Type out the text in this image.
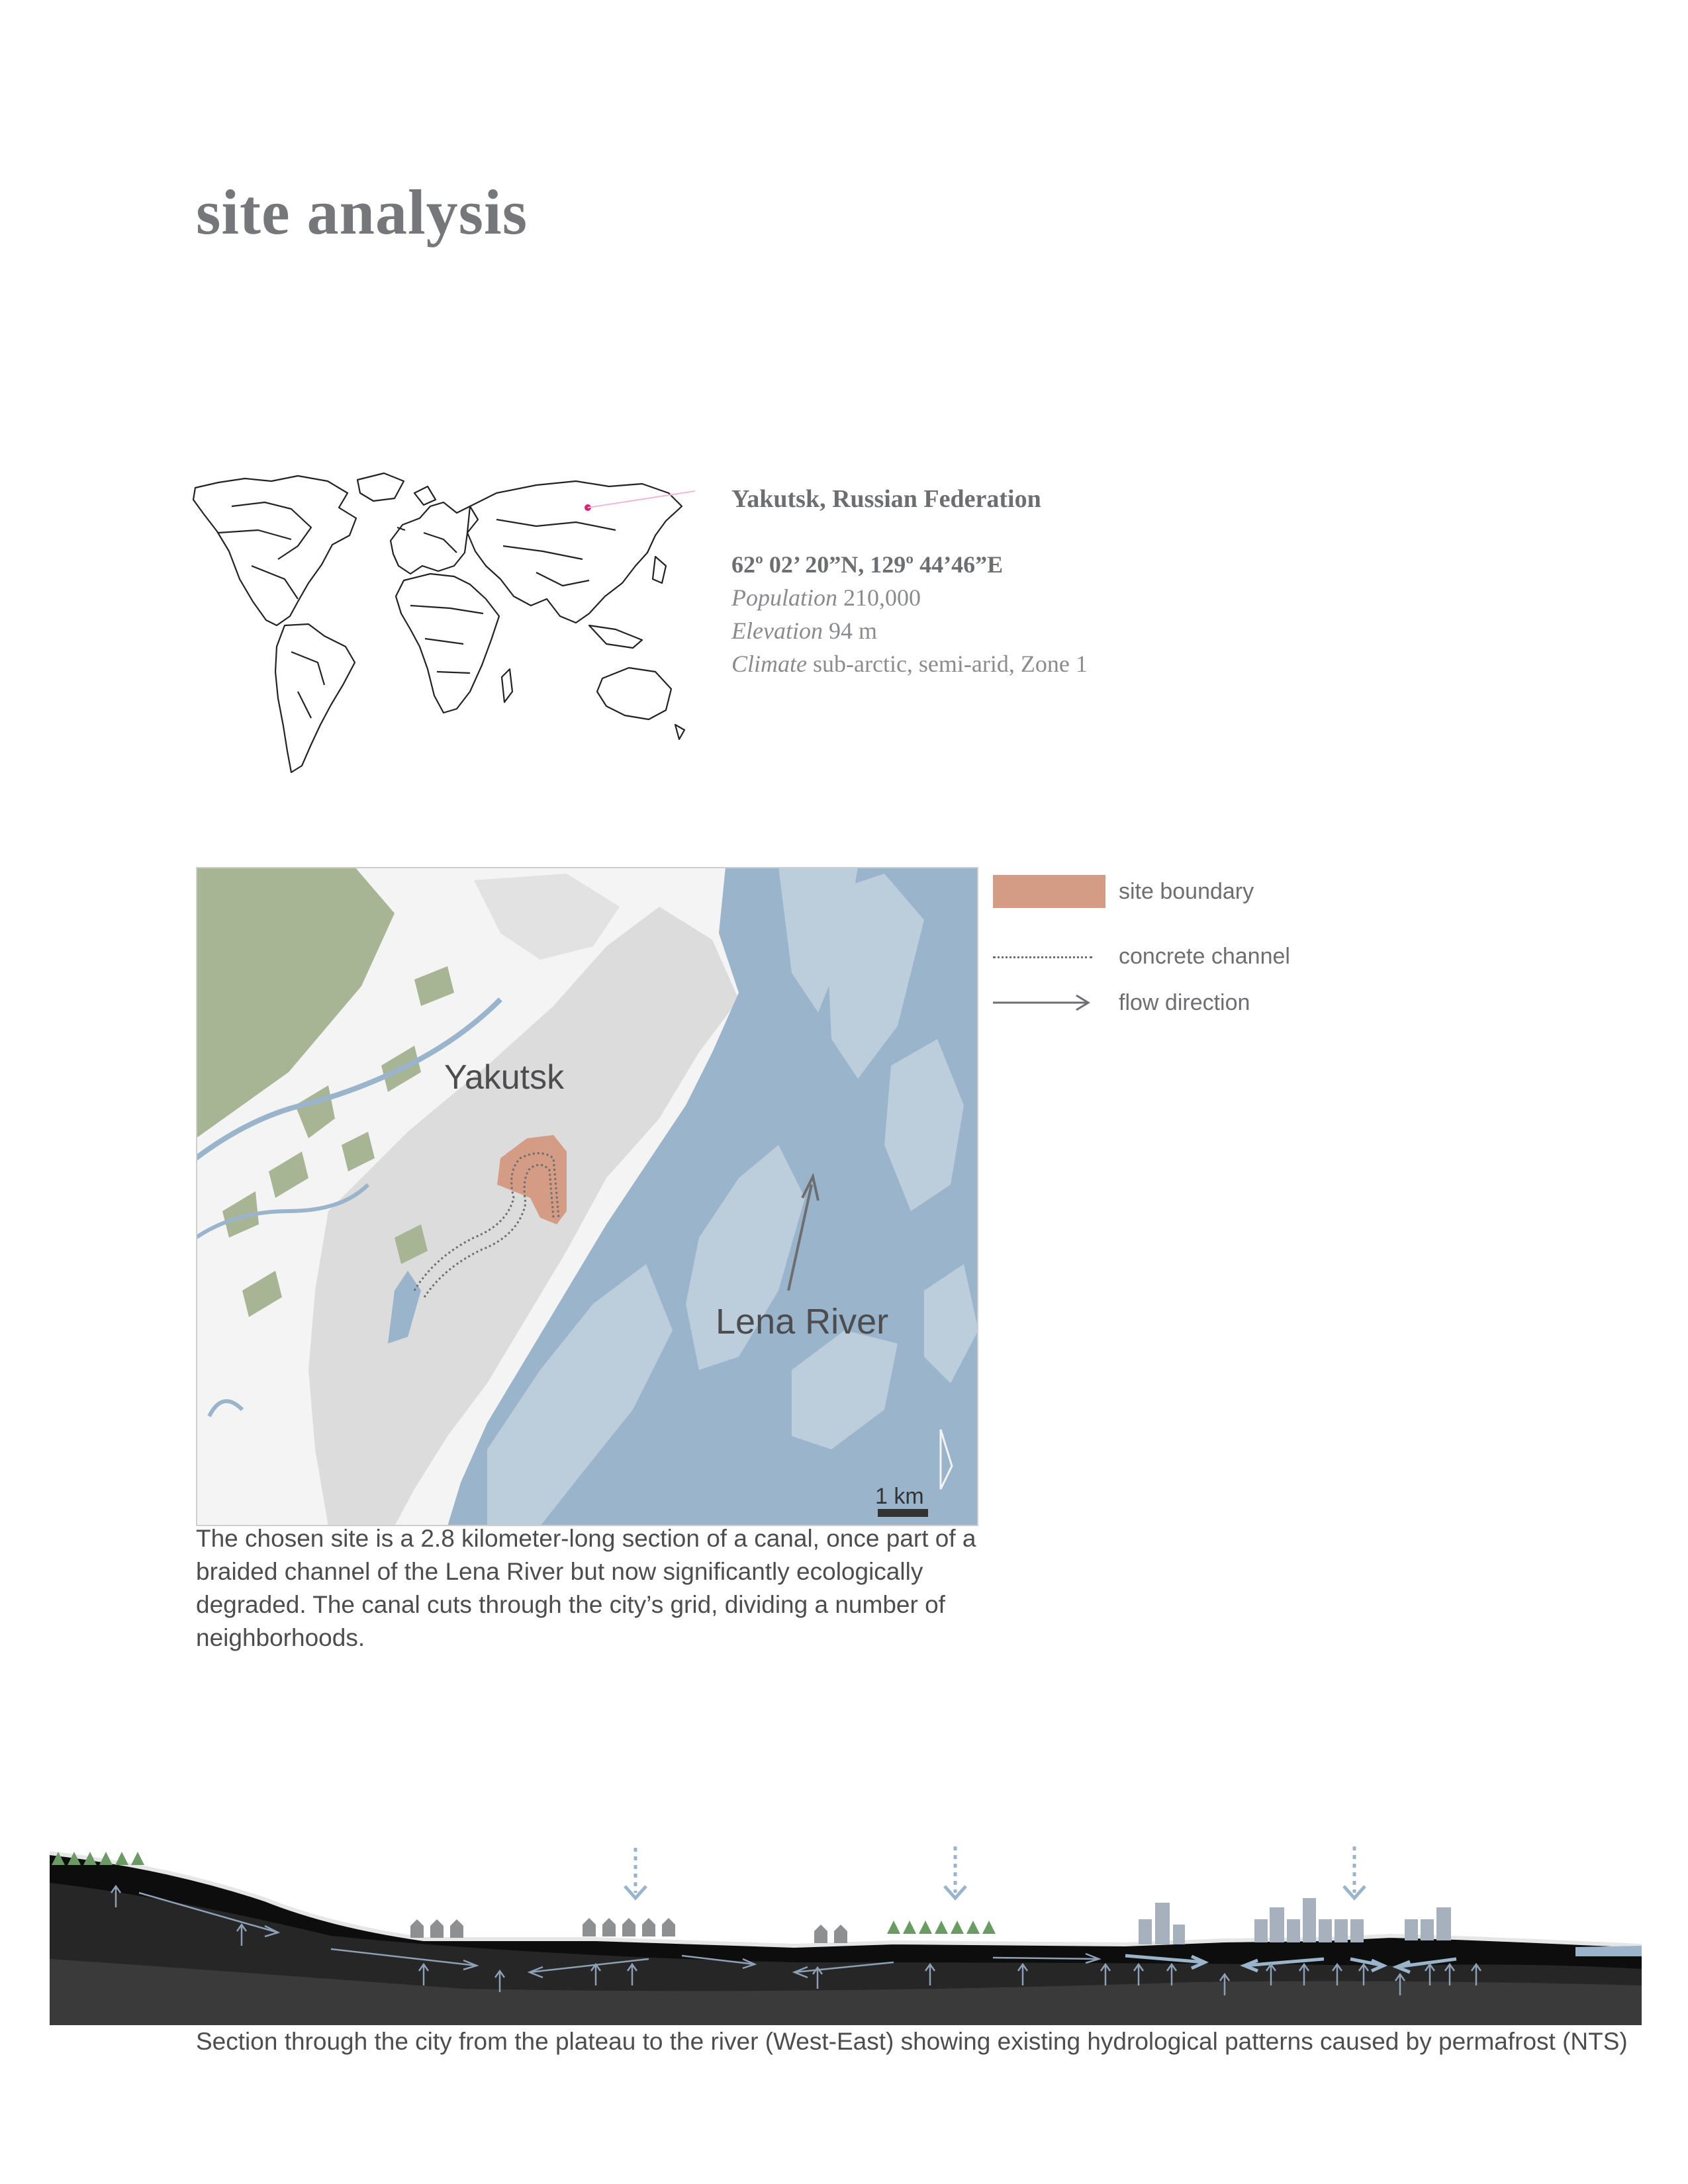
site analysis
Yakutsk, Russian Federation
62º 02’ 20”N, 129º 44’46”E
Population 210,000
Elevation 94 m
Climate sub-arctic, semi-arid, Zone 1
Yakutsk
Lena River
1 km
site boundary
concrete channel
flow direction
The chosen site is a 2.8 kilometer-long section of a canal, once part of a braided channel of the Lena River but now significantly ecologically degraded. The canal cuts through the city’s grid, dividing a number of neighborhoods.
Section through the city from the plateau to the river (West-East) showing existing hydrological patterns caused by permafrost (NTS)
